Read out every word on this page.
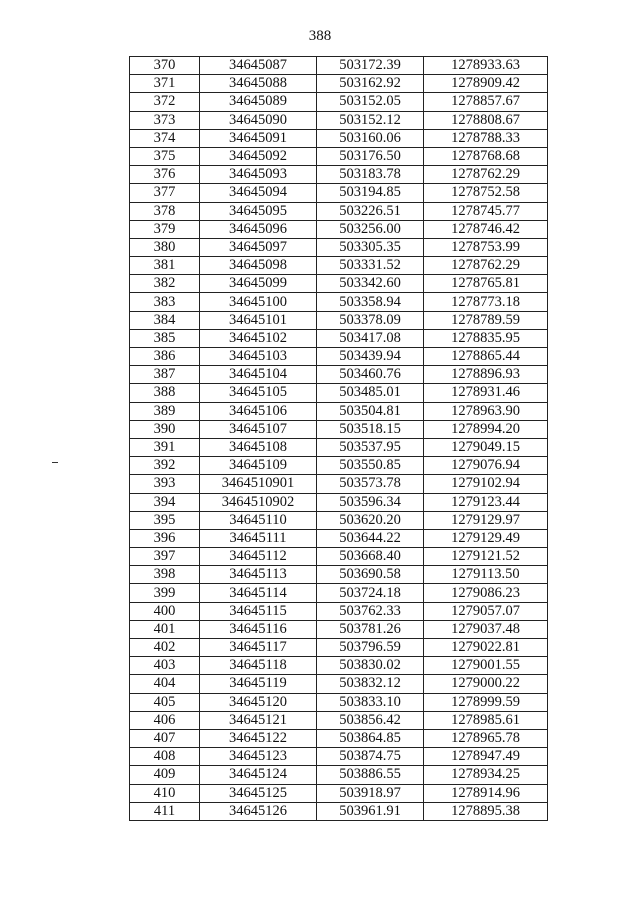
388
370	34645087	503172.39	1278933.63
371	34645088	503162.92	1278909.42
372	34645089	503152.05	1278857.67
373	34645090	503152.12	1278808.67
374	34645091	503160.06	1278788.33
375	34645092	503176.50	1278768.68
376	34645093	503183.78	1278762.29
377	34645094	503194.85	1278752.58
378	34645095	503226.51	1278745.77
379	34645096	503256.00	1278746.42
380	34645097	503305.35	1278753.99
381	34645098	503331.52	1278762.29
382	34645099	503342.60	1278765.81
383	34645100	503358.94	1278773.18
384	34645101	503378.09	1278789.59
385	34645102	503417.08	1278835.95
386	34645103	503439.94	1278865.44
387	34645104	503460.76	1278896.93
388	34645105	503485.01	1278931.46
389	34645106	503504.81	1278963.90
390	34645107	503518.15	1278994.20
391	34645108	503537.95	1279049.15
392	34645109	503550.85	1279076.94
393	3464510901	503573.78	1279102.94
394	3464510902	503596.34	1279123.44
395	34645110	503620.20	1279129.97
396	34645111	503644.22	1279129.49
397	34645112	503668.40	1279121.52
398	34645113	503690.58	1279113.50
399	34645114	503724.18	1279086.23
400	34645115	503762.33	1279057.07
401	34645116	503781.26	1279037.48
402	34645117	503796.59	1279022.81
403	34645118	503830.02	1279001.55
404	34645119	503832.12	1279000.22
405	34645120	503833.10	1278999.59
406	34645121	503856.42	1278985.61
407	34645122	503864.85	1278965.78
408	34645123	503874.75	1278947.49
409	34645124	503886.55	1278934.25
410	34645125	503918.97	1278914.96
411	34645126	503961.91	1278895.38
